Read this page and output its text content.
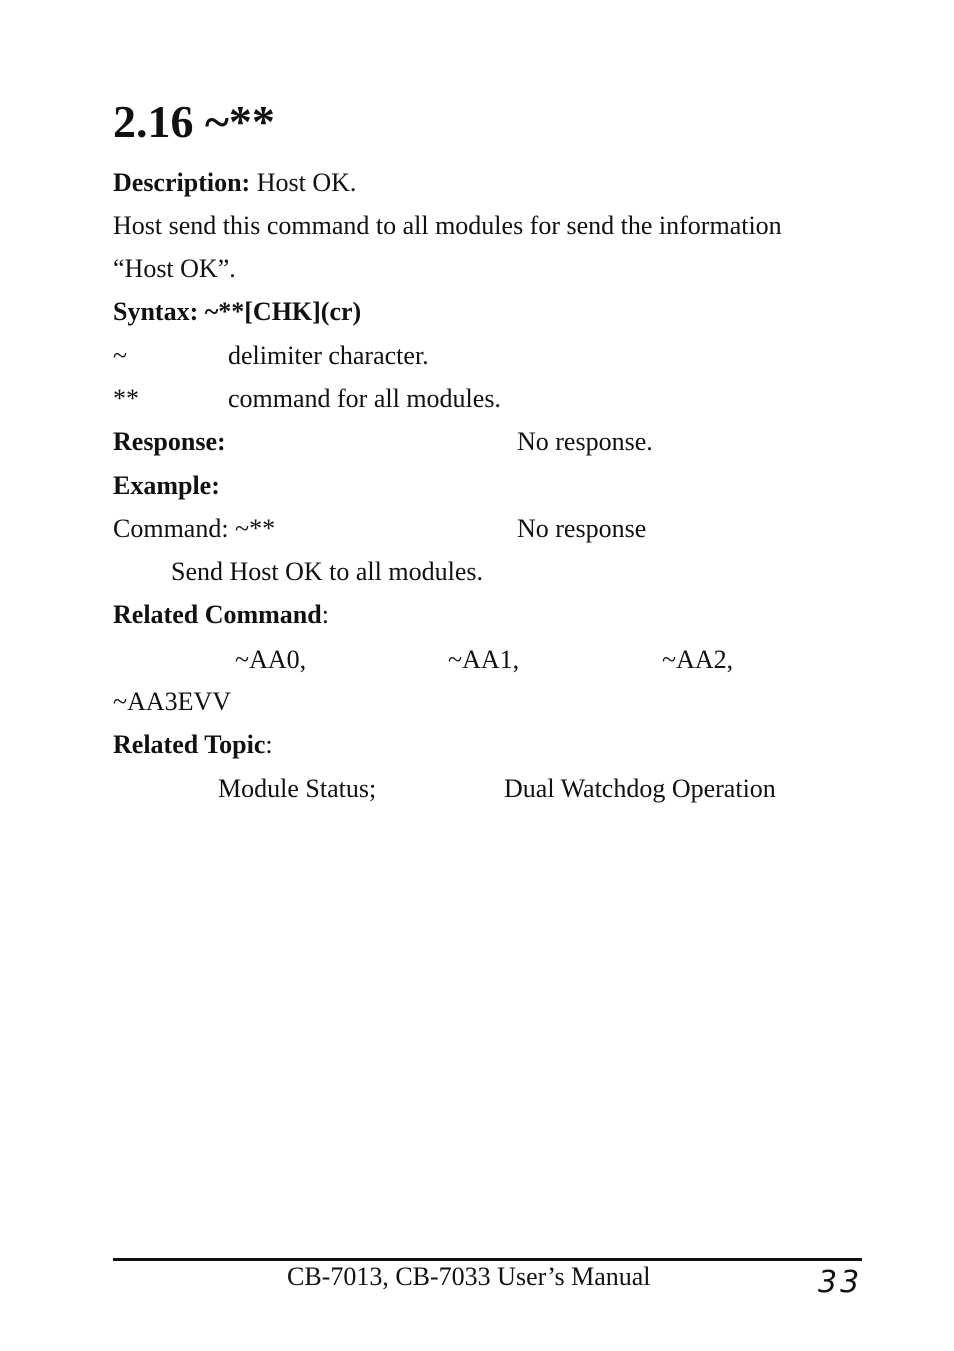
2.16 ~**
Description: Host OK.
Host send this command to all modules for send the information
“Host OK”.
Syntax: ~**[CHK](cr)
~	delimiter character.
**	command for all modules.
Response:	No response.
Example:
Command: ~**	No response
Send Host OK to all modules.
Related Command:
~AA0,	~AA1,	~AA2,
~AA3EVV
Related Topic:
Module Status;	Dual Watchdog Operation
CB-7013, CB-7033 User’s Manual	33
